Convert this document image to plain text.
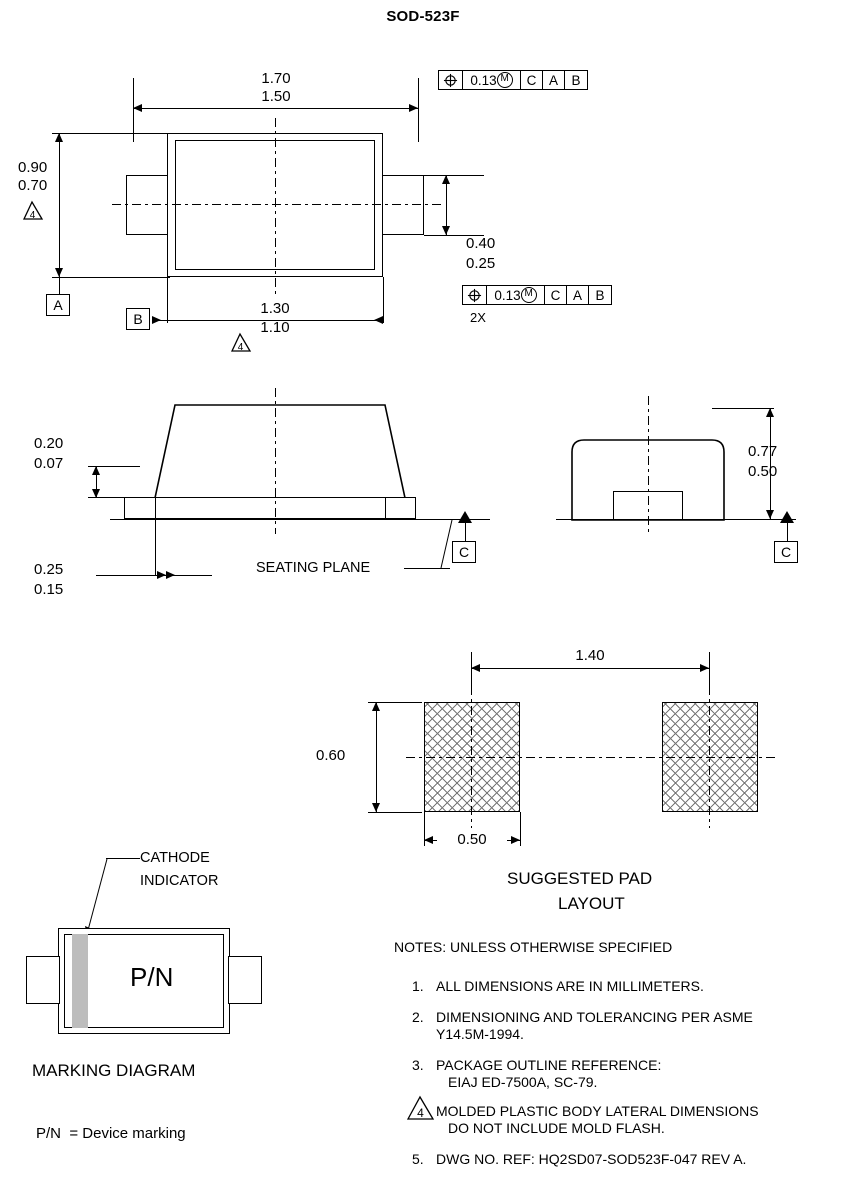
SOD-523F
1.70
1.50
0.13 M	C A B
0.90
0.70
4
0.40
0.25
A
B
1.30
1.10
4
0.13 M	C A B
2X
0.20
0.07
0.25
0.15
SEATING PLANE
C
0.77
0.50
C
1.40
0.60
0.50
SUGGESTED PAD
LAYOUT
CATHODE
INDICATOR
P/N
MARKING DIAGRAM
P/N  = Device marking
NOTES: UNLESS OTHERWISE SPECIFIED
1. ALL DIMENSIONS ARE IN MILLIMETERS.
2. DIMENSIONING AND TOLERANCING PER ASME
Y14.5M-1994.
3. PACKAGE OUTLINE REFERENCE:
EIAJ ED-7500A, SC-79.
4 MOLDED PLASTIC BODY LATERAL DIMENSIONS
DO NOT INCLUDE MOLD FLASH.
5. DWG NO. REF: HQ2SD07-SOD523F-047 REV A.
